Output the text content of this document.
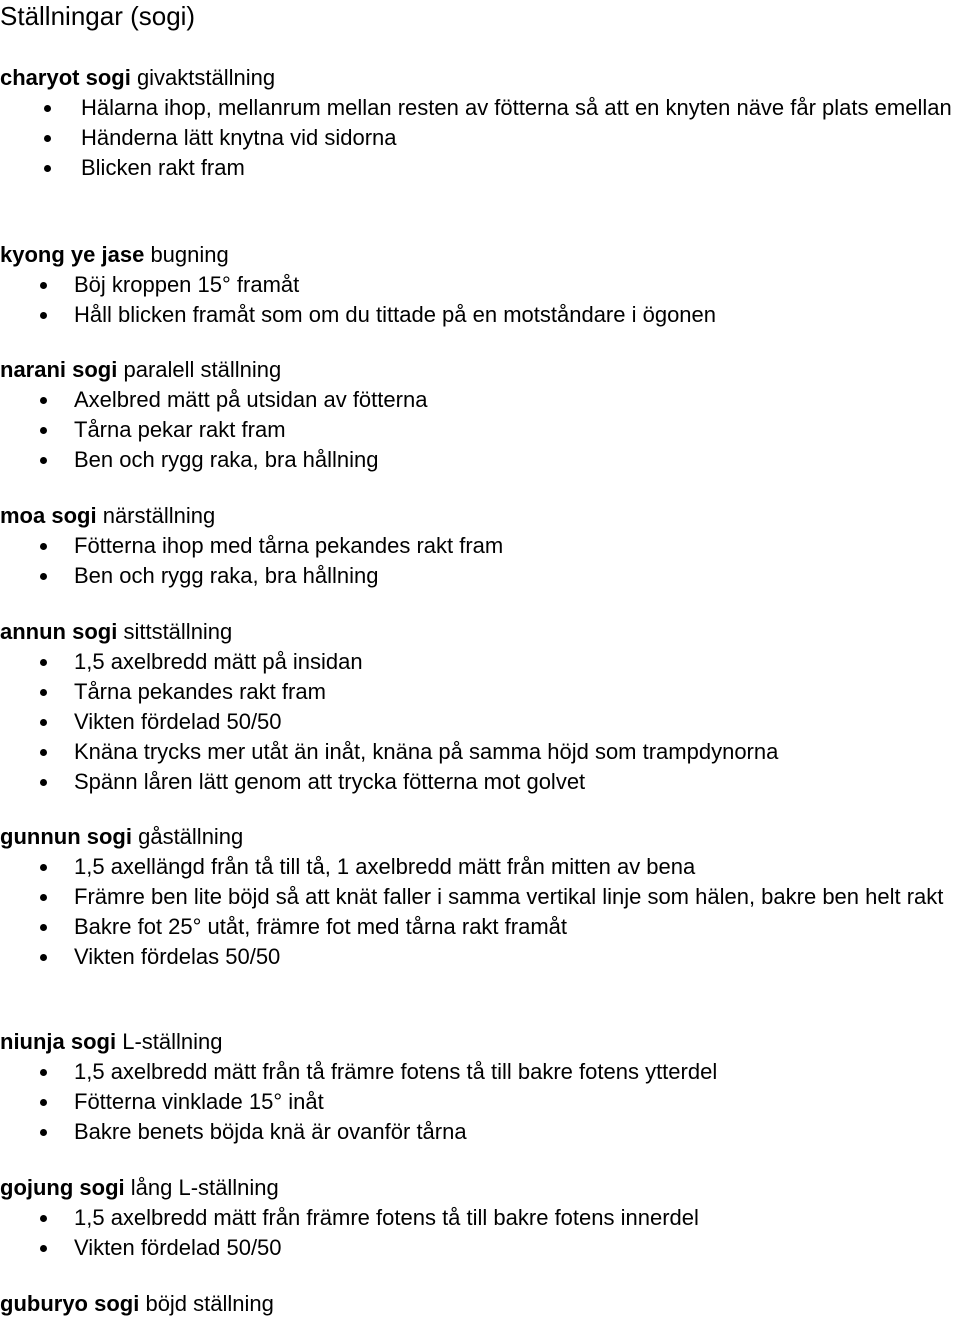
Ställningar (sogi)
charyot sogi givaktställning
Hälarna ihop, mellanrum mellan resten av fötterna så att en knyten näve får plats emellan
Händerna lätt knytna vid sidorna
Blicken rakt fram
kyong ye jase bugning
Böj kroppen 15° framåt
Håll blicken framåt som om du tittade på en motståndare i ögonen
narani sogi paralell ställning
Axelbred mätt på utsidan av fötterna
Tårna pekar rakt fram
Ben och rygg raka, bra hållning
moa sogi närställning
Fötterna ihop med tårna pekandes rakt fram
Ben och rygg raka, bra hållning
annun sogi sittställning
1,5 axelbredd mätt på insidan
Tårna pekandes rakt fram
Vikten fördelad 50/50
Knäna trycks mer utåt än inåt, knäna på samma höjd som trampdynorna
Spänn låren lätt genom att trycka fötterna mot golvet
gunnun sogi gåställning
1,5 axellängd från tå till tå, 1 axelbredd mätt från mitten av bena
Främre ben lite böjd så att knät faller i samma vertikal linje som hälen, bakre ben helt rakt
Bakre fot 25° utåt, främre fot med tårna rakt framåt
Vikten fördelas 50/50
niunja sogi L-ställning
1,5 axelbredd mätt från tå främre fotens tå till bakre fotens ytterdel
Fötterna vinklade 15° inåt
Bakre benets böjda knä är ovanför tårna
gojung sogi lång L-ställning
1,5 axelbredd mätt från främre fotens tå till bakre fotens innerdel
Vikten fördelad 50/50
guburyo sogi böjd ställning
